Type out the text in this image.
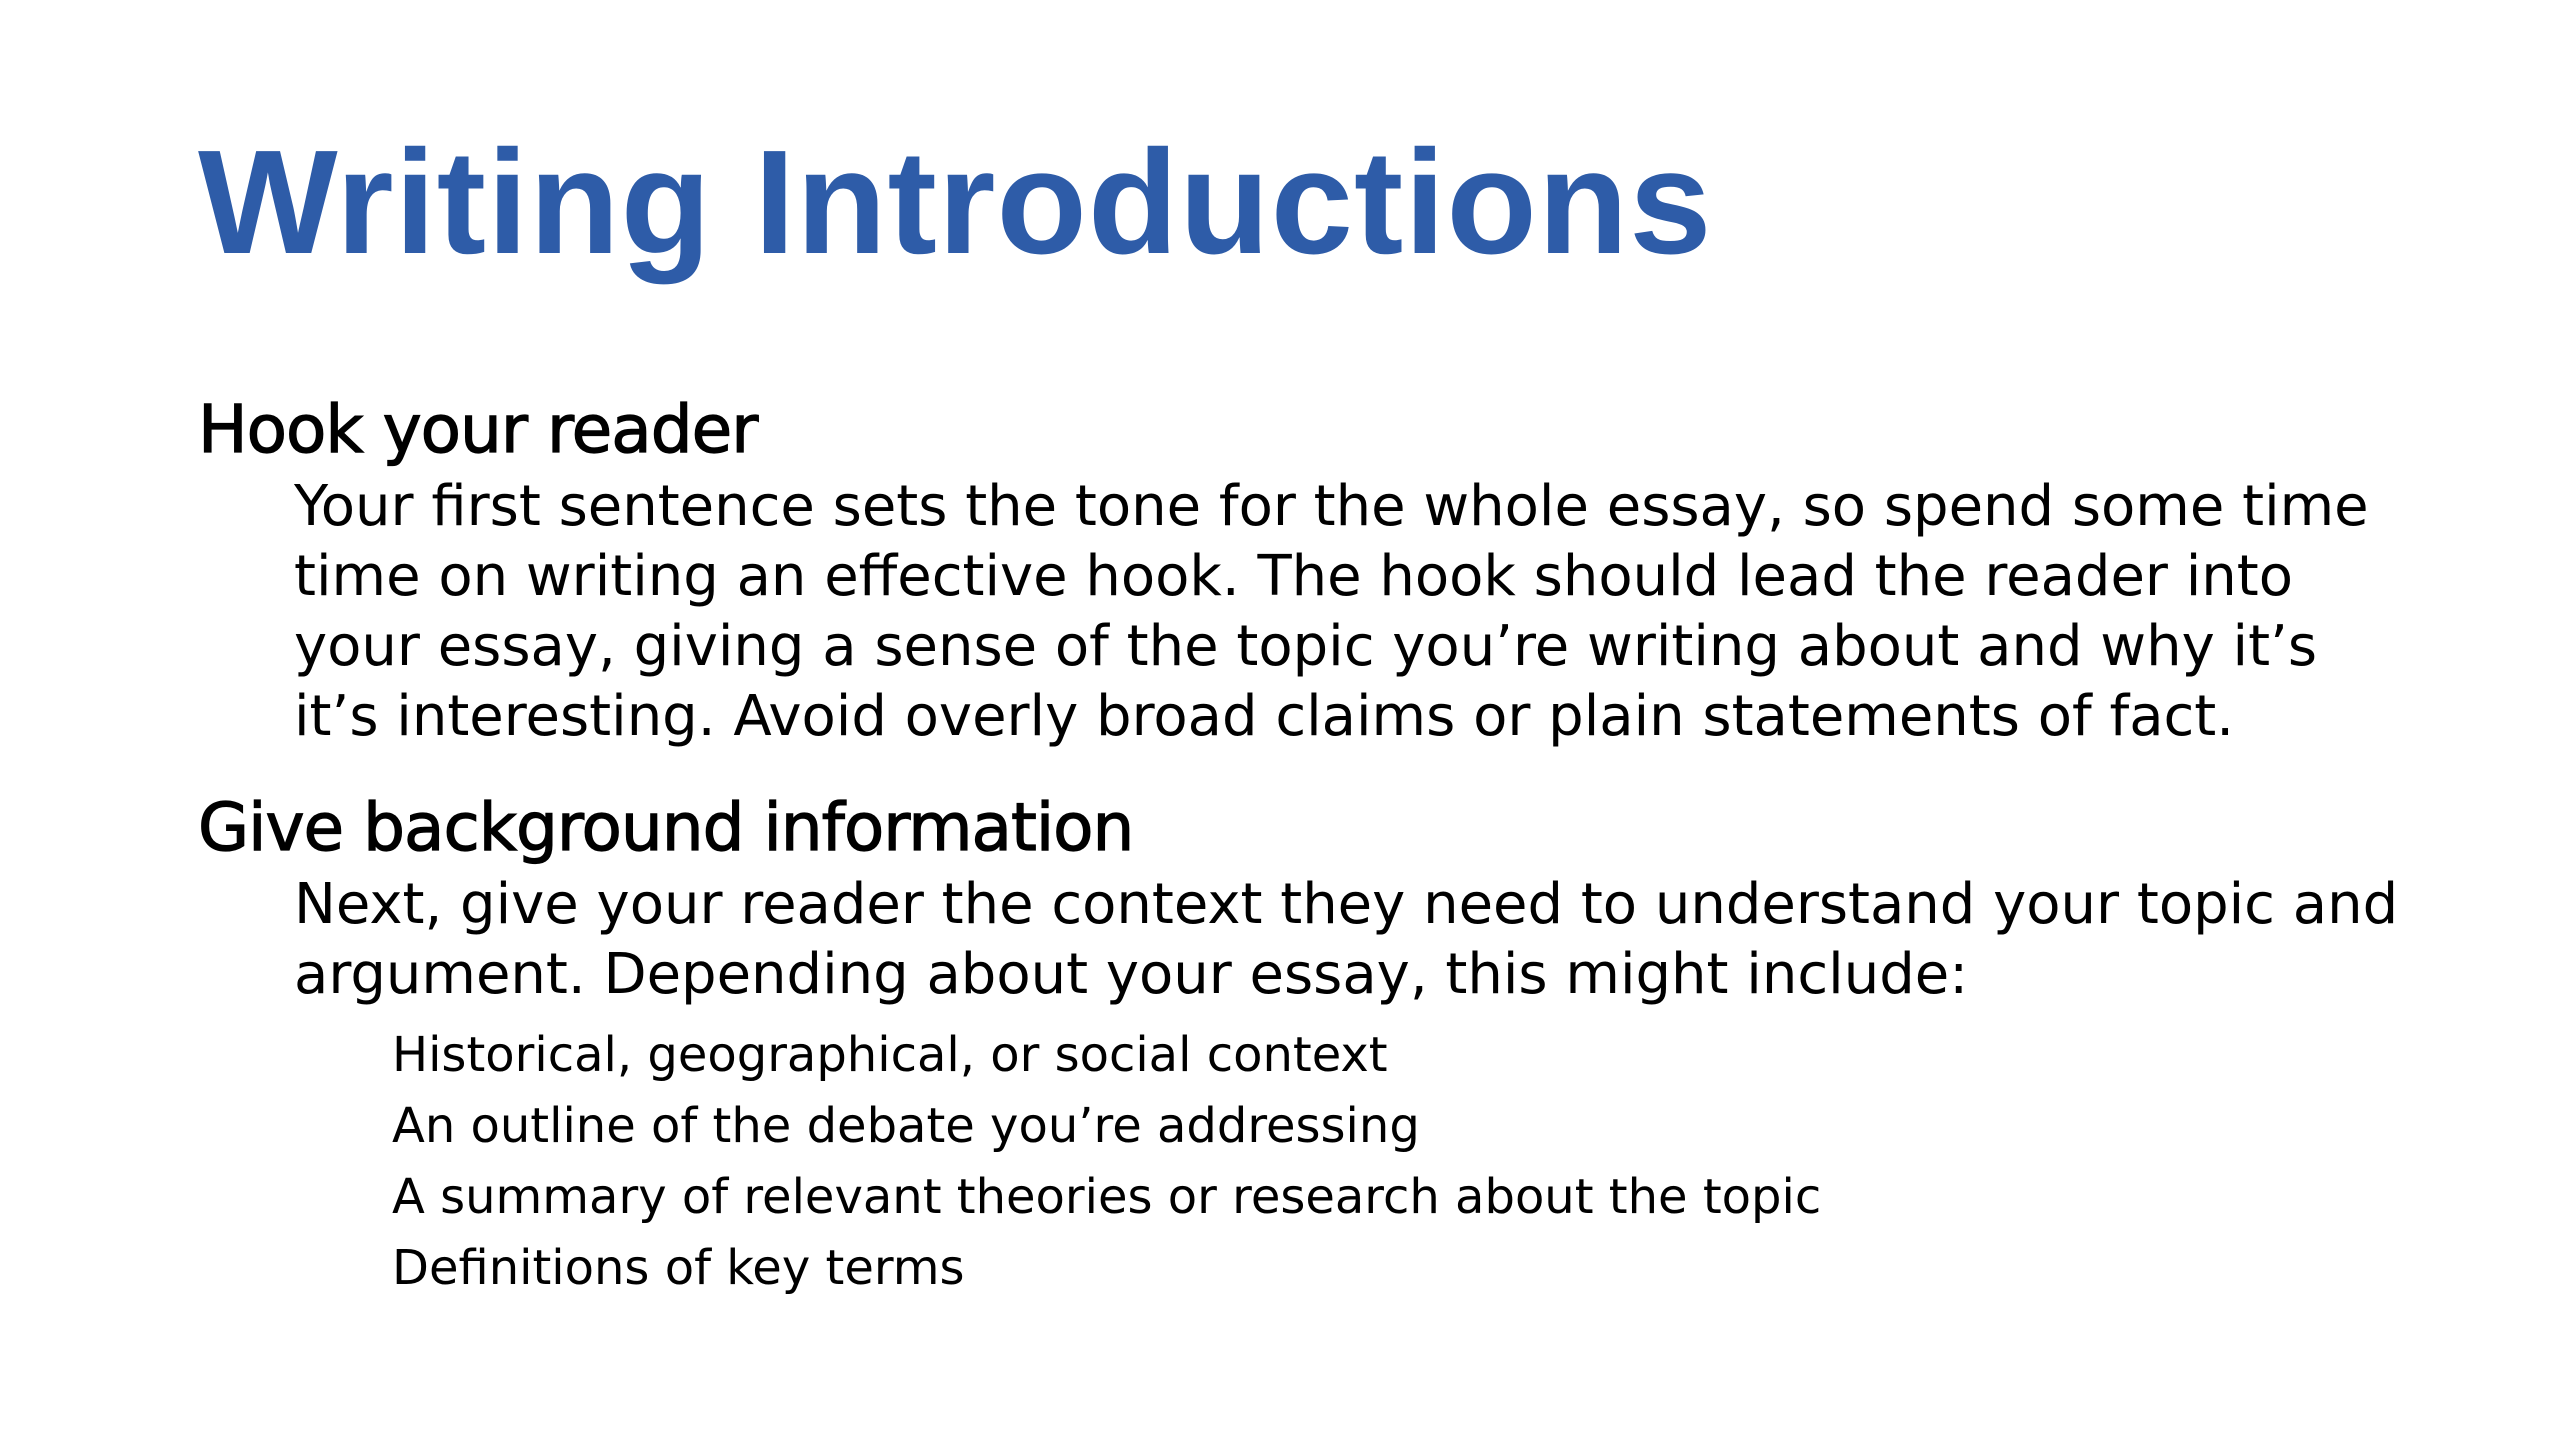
Writing Introductions
Hook your reader

Your first sentence sets the tone for the whole essay, so spend some time time on writing an effective hook. The hook should lead the reader into your essay, giving a sense of the topic you’re writing about and why it’s it’s interesting. Avoid overly broad claims or plain statements of fact.

Give background information

Next, give your reader the context they need to understand your topic and argument. Depending about your essay, this might include:

Historical, geographical, or social context
An outline of the debate you’re addressing
A summary of relevant theories or research about the topic
Definitions of key terms
